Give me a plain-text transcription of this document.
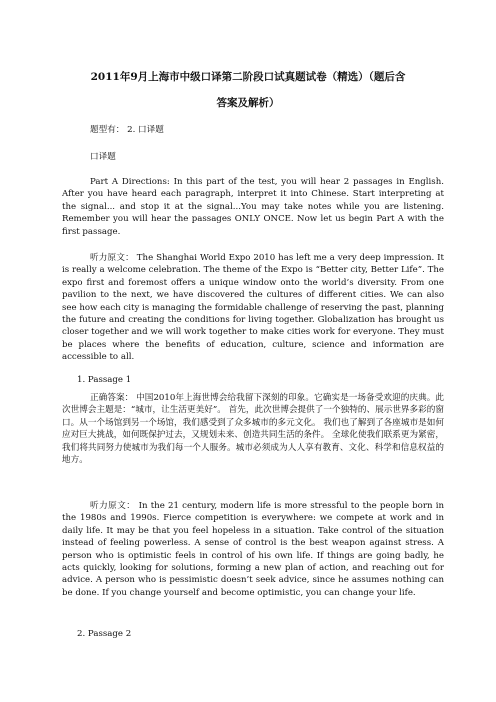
2011年9月上海市中级口译第二阶段口试真题试卷（精选）（题后含
答案及解析）
题型有： 2. 口译题
口译题
Part A Directions: In this part of the test, you will hear 2 passages in English. After you have heard each paragraph, interpret it into Chinese. Start interpreting at the signal... and stop it at the signal...You may take notes while you are listening. Remember you will hear the passages ONLY ONCE. Now let us begin Part A with the first passage.
听力原文： The Shanghai World Expo 2010 has left me a very deep impression. It is really a welcome celebration. The theme of the Expo is “Better city, Better Life”. The expo first and foremost offers a unique window onto the world’s diversity. From one pavilion to the next, we have discovered the cultures of different cities. We can also see how each city is managing the formidable challenge of reserving the past, planning the future and creating the conditions for living together. Globalization has brought us closer together and we will work together to make cities work for everyone. They must be places where the benefits of education, culture, science and information are accessible to all.
1. Passage 1
正确答案： 中国2010年上海世博会给我留下深刻的印象。它确实是一场备受欢迎的庆典。此次世博会主题是：“城市，让生活更美好”。 首先，此次世博会提供了一个独特的、展示世界多彩的窗口。从一个场馆到另一个场馆，我们感受到了众多城市的多元文化。 我们也了解到了各座城市是如何应对巨大挑战，如何既保护过去，又规划未来、创造共同生活的条件。 全球化使我们联系更为紧密，我们将共同努力使城市为我们每一个人服务。城市必须成为人人享有教育、文化、科学和信息权益的地方。
听力原文： In the 21 century, modern life is more stressful to the people born in the 1980s and 1990s. Fierce competition is everywhere: we compete at work and in daily life. It may be that you feel hopeless in a situation. Take control of the situation instead of feeling powerless. A sense of control is the best weapon against stress. A person who is optimistic feels in control of his own life. If things are going badly, he acts quickly, looking for solutions, forming a new plan of action, and reaching out for advice. A person who is pessimistic doesn’t seek advice, since he assumes nothing can be done. If you change yourself and become optimistic, you can change your life.
2. Passage 2
